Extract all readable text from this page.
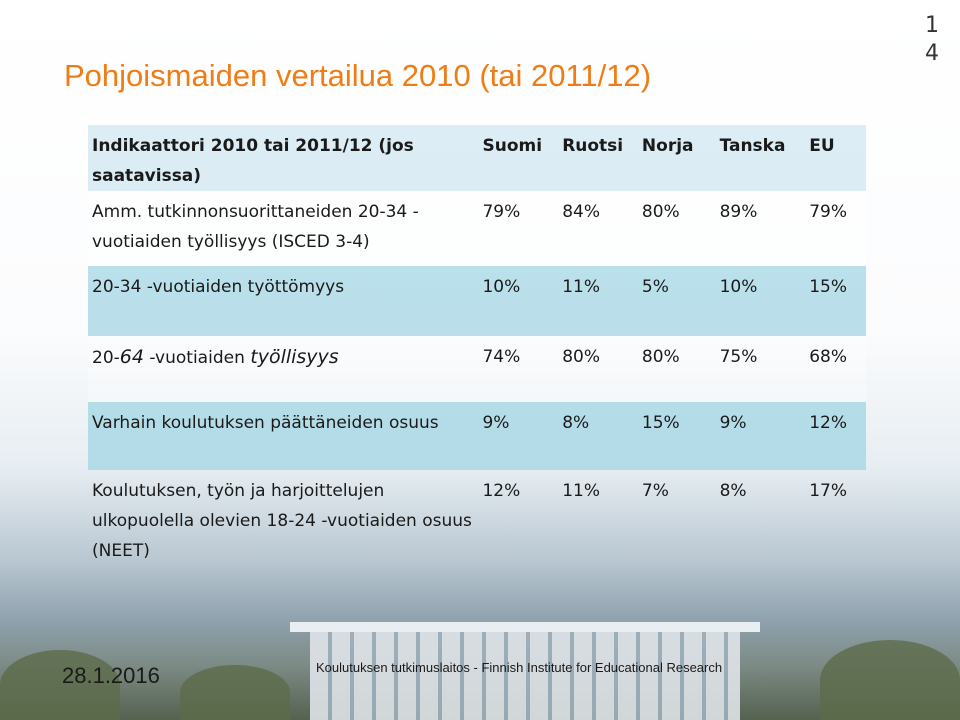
Pohjoismaiden vertailua 2010 (tai 2011/12)
1
4
Indikaattori 2010 tai 2011/12 (jos saatavissa)	Suomi	Ruotsi	Norja	Tanska	EU

Amm. tutkinnonsuorittaneiden 20-34 -vuotiaiden työllisyys (ISCED 3-4)	79%	84%	80%	89%	79%

20-34 -vuotiaiden työttömyys	10%	11%	5%	10%	15%

20-64 -vuotiaiden työllisyys	74%	80%	80%	75%	68%

Varhain koulutuksen päättäneiden osuus	9%	8%	15%	9%	12%

Koulutuksen, työn ja harjoittelujen ulkopuolella olevien 18-24 -vuotiaiden osuus (NEET)	12%	11%	7%	8%	17%
28.1.2016	Koulutuksen tutkimuslaitos - Finnish Institute for Educational Research
